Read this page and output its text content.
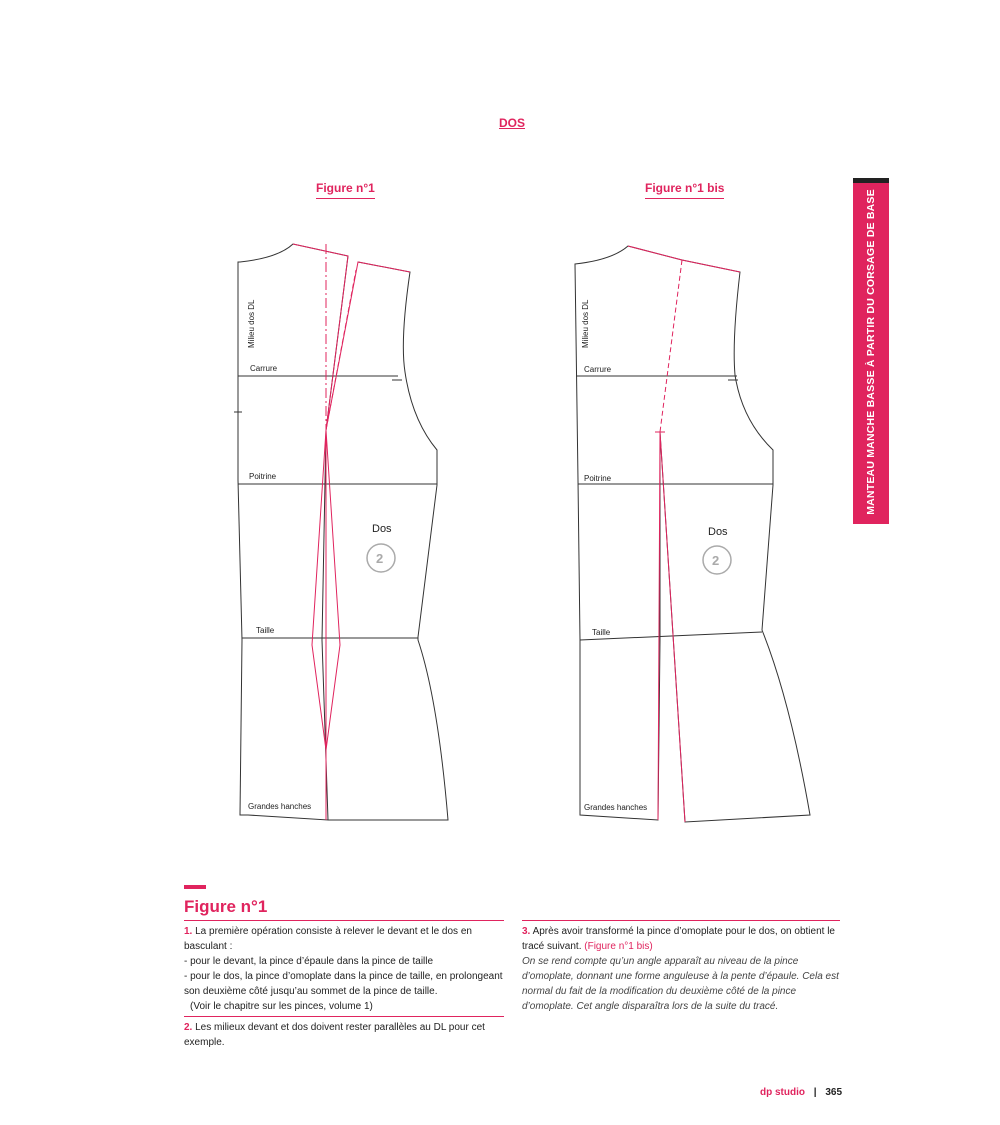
DOS
Figure n°1	Figure n°1 bis
MANTEAU MANCHE BASSE À PARTIR DU CORSAGE DE BASE
Milieu dos DL
Carrure
Poitrine
Taille
Grandes hanches
Dos
2
Milieu dos DL
Carrure
Poitrine
Taille
Grandes hanches
Dos
2
Figure n°1
1. La première opération consiste à relever le devant et le dos en basculant :
- pour le devant, la pince d’épaule dans la pince de taille
- pour le dos, la pince d’omoplate dans la pince de taille, en prolongeant son deuxième côté jusqu’au sommet de la pince de taille.
(Voir le chapitre sur les pinces, volume 1)
2. Les milieux devant et dos doivent rester parallèles au DL pour cet exemple.
3. Après avoir transformé la pince d’omoplate pour le dos, on obtient le tracé suivant. (Figure n°1 bis)
On se rend compte qu’un angle apparaît au niveau de la pince d’omoplate, donnant une forme anguleuse à la pente d’épaule. Cela est normal du fait de la modification du deuxième côté de la pince d’omoplate. Cet angle disparaîtra lors de la suite du tracé.
dp studio | 365
